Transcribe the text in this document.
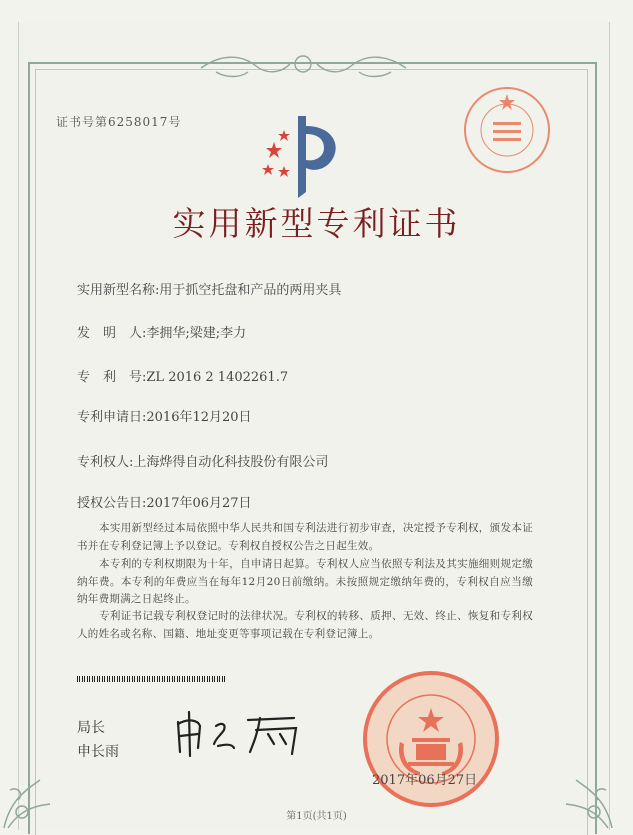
证书号第6258017号
实用新型专利证书
实用新型名称:用于抓空托盘和产品的两用夹具
发　明　人:李拥华;梁建;李力
专　利　号:ZL 2016 2 1402261.7
专利申请日:2016年12月20日
专利权人:上海烨得自动化科技股份有限公司
授权公告日:2017年06月27日
本实用新型经过本局依照中华人民共和国专利法进行初步审查，决定授予专利权，颁发本证书并在专利登记簿上予以登记。专利权自授权公告之日起生效。
本专利的专利权期限为十年，自申请日起算。专利权人应当依照专利法及其实施细则规定缴纳年费。本专利的年费应当在每年12月20日前缴纳。未按照规定缴纳年费的，专利权自应当缴纳年费期满之日起终止。
专利证书记载专利权登记时的法律状况。专利权的转移、质押、无效、终止、恢复和专利权人的姓名或名称、国籍、地址变更等事项记载在专利登记簿上。
局长
申长雨
2017年06月27日
第1页(共1页)
